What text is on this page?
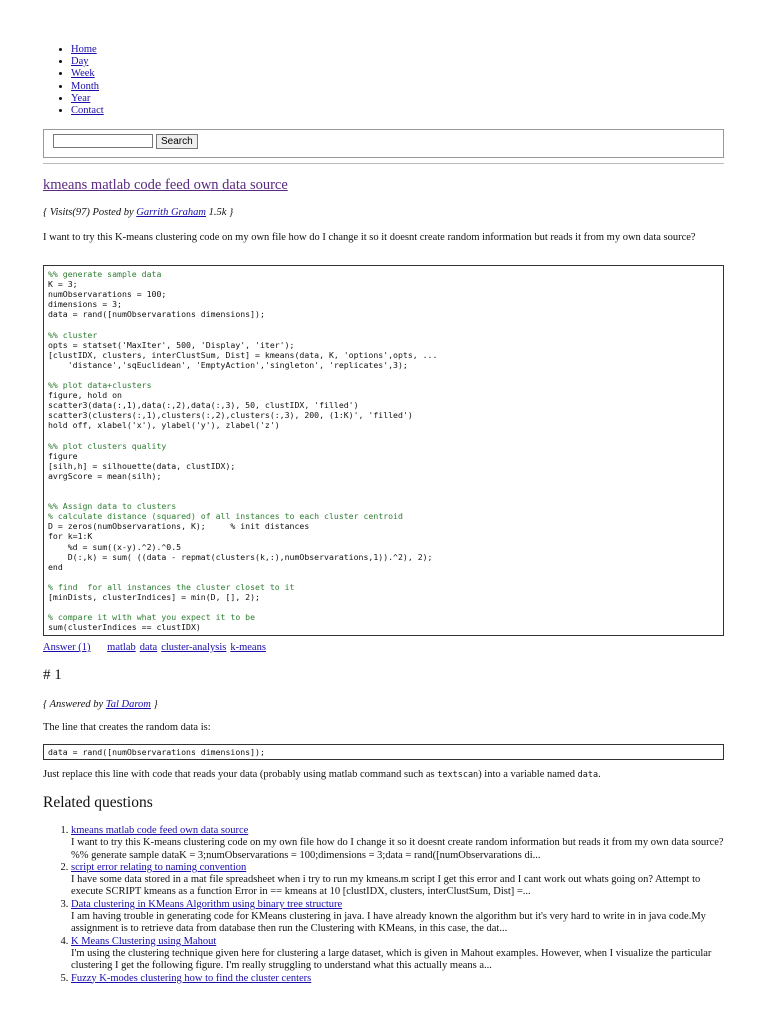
• Home
• Day
• Week
• Month
• Year
• Contact
Search
kmeans matlab code feed own data source
{ Visits(97) Posted by Garrith Graham 1.5k }

I want to try this K-means clustering code on my own file how do I change it so it doesnt create random information but reads it from my own data source?

%% generate sample data
K = 3;
numObservarations = 100;
dimensions = 3;
data = rand([numObservarations dimensions]);

%% cluster
opts = statset('MaxIter', 500, 'Display', 'iter');
[clustIDX, clusters, interClustSum, Dist] = kmeans(data, K, 'options',opts, ...
'distance','sqEuclidean', 'EmptyAction','singleton', 'replicates',3);

%% plot data+clusters
figure, hold on
scatter3(data(:,1),data(:,2),data(:,3), 50, clustIDX, 'filled')
scatter3(clusters(:,1),clusters(:,2),clusters(:,3), 200, (1:K)', 'filled')
hold off, xlabel('x'), ylabel('y'), zlabel('z')

%% plot clusters quality
figure
[silh,h] = silhouette(data, clustIDX);
avrgScore = mean(silh);

%% Assign data to clusters
% calculate distance (squared) of all instances to each cluster centroid
D = zeros(numObservarations, K);     % init distances
for k=1:K
%d = sum((x-y).^2).^0.5
D(:,k) = sum( ((data - repmat(clusters(k,:),numObservarations,1)).^2), 2);
end

% find  for all instances the cluster closet to it
[minDists, clusterIndices] = min(D, [], 2);

% compare it with what you expect it to be
sum(clusterIndices == clustIDX)
Answer (1) matlab data cluster-analysis k-means
# 1
{ Answered by Tal Darom }

The line that creates the random data is:

data = rand([numObservarations dimensions]);

Just replace this line with code that reads your data (probably using matlab command such as textscan) into a variable named data.

Related questions
1. kmeans matlab code feed own data source
I want to try this K-means clustering code on my own file how do I change it so it doesnt create random information but reads it from my own data source? %% generate sample dataK = 3;numObservarations = 100;dimensions = 3;data = rand([numObservarations di...
2. script error relating to naming convention
I have some data stored in a mat file spreadsheet when i try to run my kmeans.m script I get this error and I cant work out whats going on? Attempt to execute SCRIPT kmeans as a function Error in == kmeans at 10 [clustIDX, clusters, interClustSum, Dist] =...
3. Data clustering in KMeans Algorithm using binary tree structure
I am having trouble in generating code for KMeans clustering in java. I have already known the algorithm but it's very hard to write in in java code.My assignment is to retrieve data from database then run the Clustering with KMeans, in this case, the dat...
4. K Means Clustering using Mahout
I'm using the clustering technique given here for clustering a large dataset, which is given in Mahout examples. However, when I visualize the particular clustering I get the following figure. I'm really struggling to understand what this actually means a...
5. Fuzzy K-modes clustering how to find the cluster centers
